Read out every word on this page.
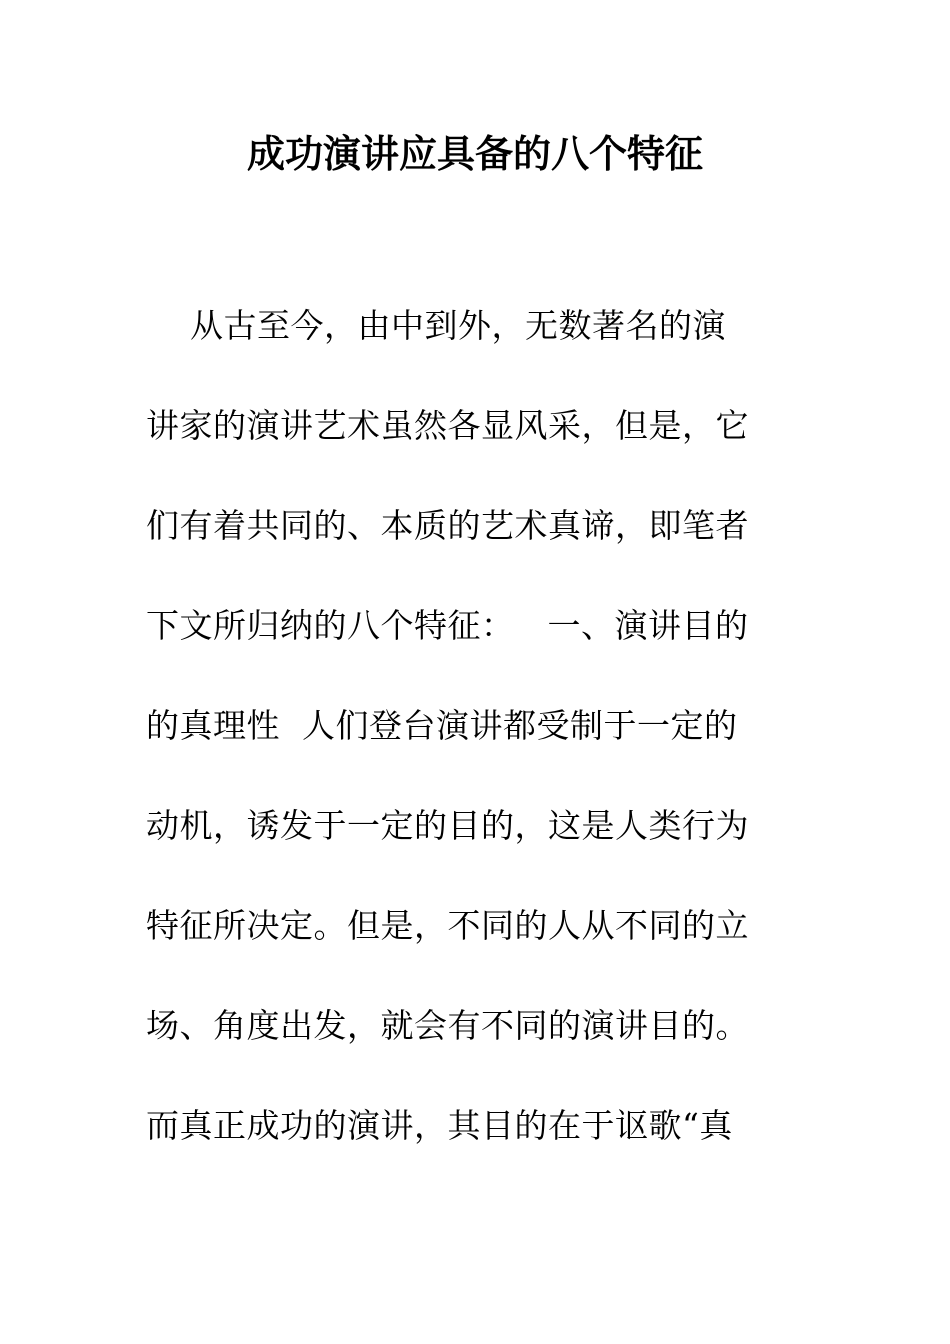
成功演讲应具备的八个特征
从古至今，由中到外，无数著名的演
讲家的演讲艺术虽然各显风采，但是，它
们有着共同的、本质的艺术真谛，即笔者
下文所归纳的八个特征：   一、演讲目的
的真理性  人们登台演讲都受制于一定的
动机，诱发于一定的目的，这是人类行为
特征所决定。但是，不同的人从不同的立
场、角度出发，就会有不同的演讲目的。
而真正成功的演讲，其目的在于讴歌“真
